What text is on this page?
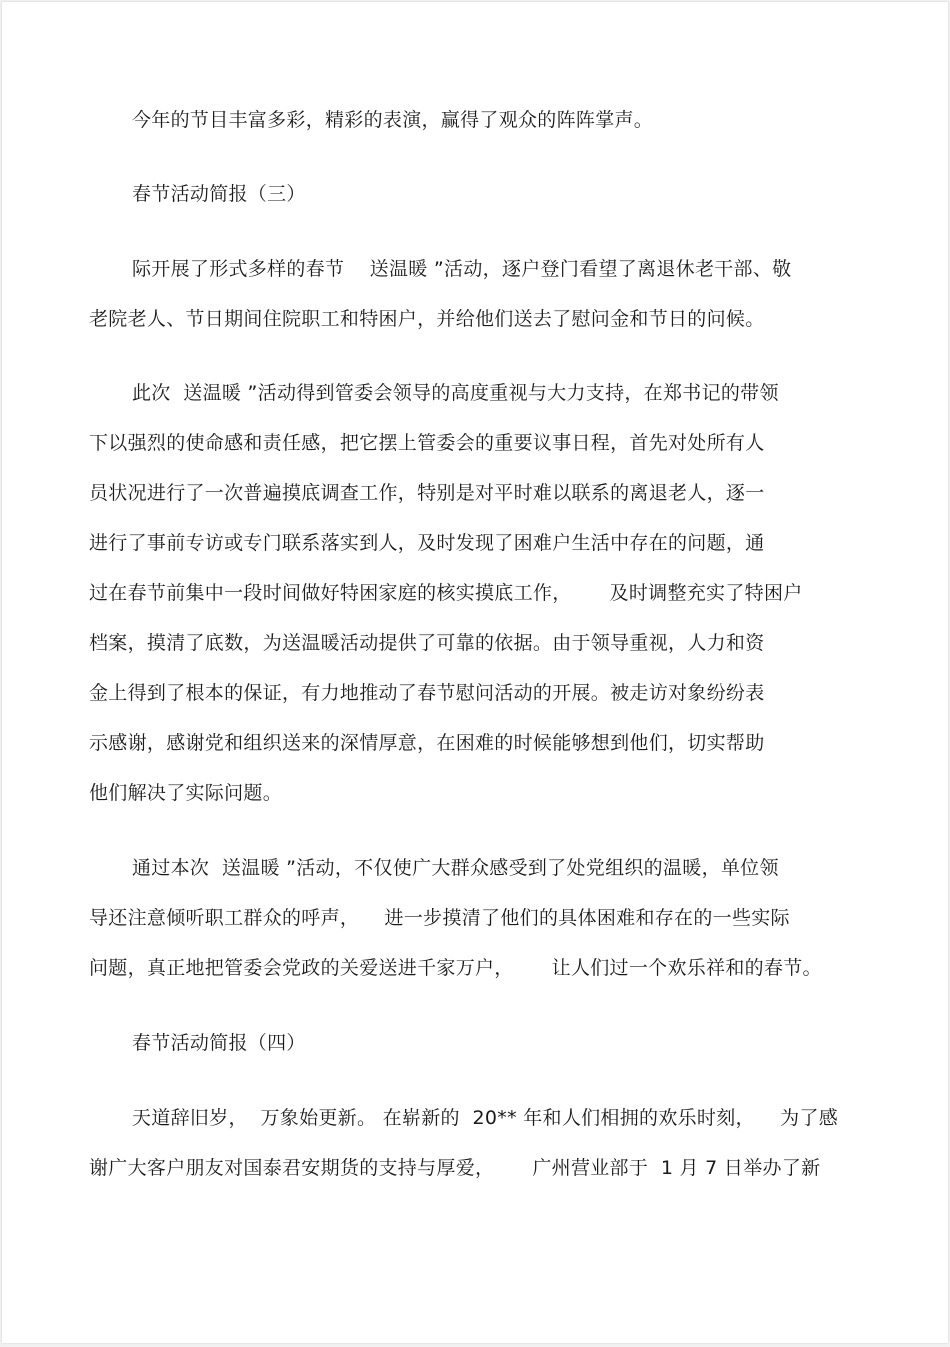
今年的节目丰富多彩，精彩的表演，赢得了观众的阵阵掌声。
春节活动简报（三）
际开展了形式多样的春节    送温暖 ”活动，逐户登门看望了离退休老干部、敬
老院老人、节日期间住院职工和特困户，并给他们送去了慰问金和节日的问候。
此次  送温暖 ”活动得到管委会领导的高度重视与大力支持，在郑书记的带领
下以强烈的使命感和责任感，把它摆上管委会的重要议事日程，首先对处所有人
员状况进行了一次普遍摸底调查工作，特别是对平时难以联系的离退老人，逐一
进行了事前专访或专门联系落实到人，及时发现了困难户生活中存在的问题，通
过在春节前集中一段时间做好特困家庭的核实摸底工作，      及时调整充实了特困户
档案，摸清了底数，为送温暖活动提供了可靠的依据。由于领导重视，人力和资
金上得到了根本的保证，有力地推动了春节慰问活动的开展。被走访对象纷纷表
示感谢，感谢党和组织送来的深情厚意，在困难的时候能够想到他们，切实帮助
他们解决了实际问题。
通过本次  送温暖 ”活动，不仅使广大群众感受到了处党组织的温暖，单位领
导还注意倾听职工群众的呼声，    进一步摸清了他们的具体困难和存在的一些实际
问题，真正地把管委会党政的关爱送进千家万户，      让人们过一个欢乐祥和的春节。
春节活动简报（四）
天道辞旧岁，  万象始更新。 在崭新的  20** 年和人们相拥的欢乐时刻，    为了感
谢广大客户朋友对国泰君安期货的支持与厚爱，      广州营业部于  1 月 7 日举办了新
